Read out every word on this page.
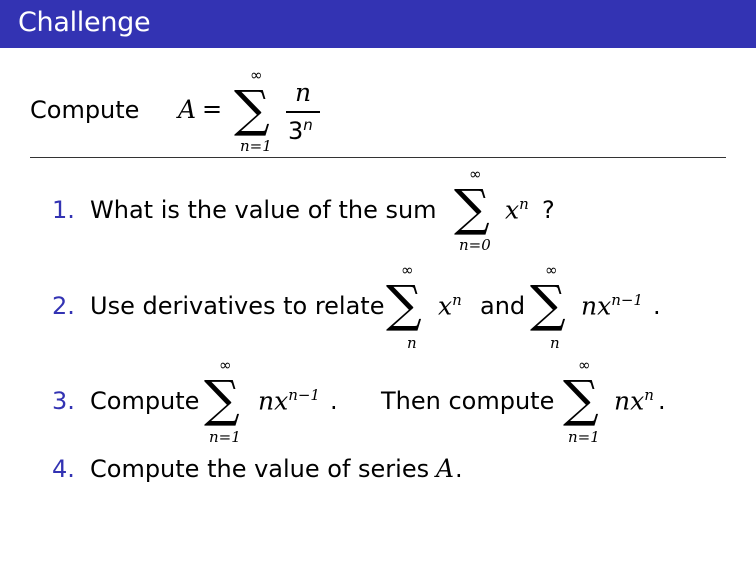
Challenge
Compute A =
∞
∑
n=1
n
3$^n$
1. What is the value of the sum
∞
∑
n=0
$x^n$ ?
2. Use derivatives to relate
∞
∑
n
$x^n$ and
∞
∑
n
$nx^{n-1}$ .
3. Compute
∞
∑
n=1
$nx^{n-1}$ . Then compute
∞
∑
n=1
$nx^n$ .
4. Compute the value of series A .
